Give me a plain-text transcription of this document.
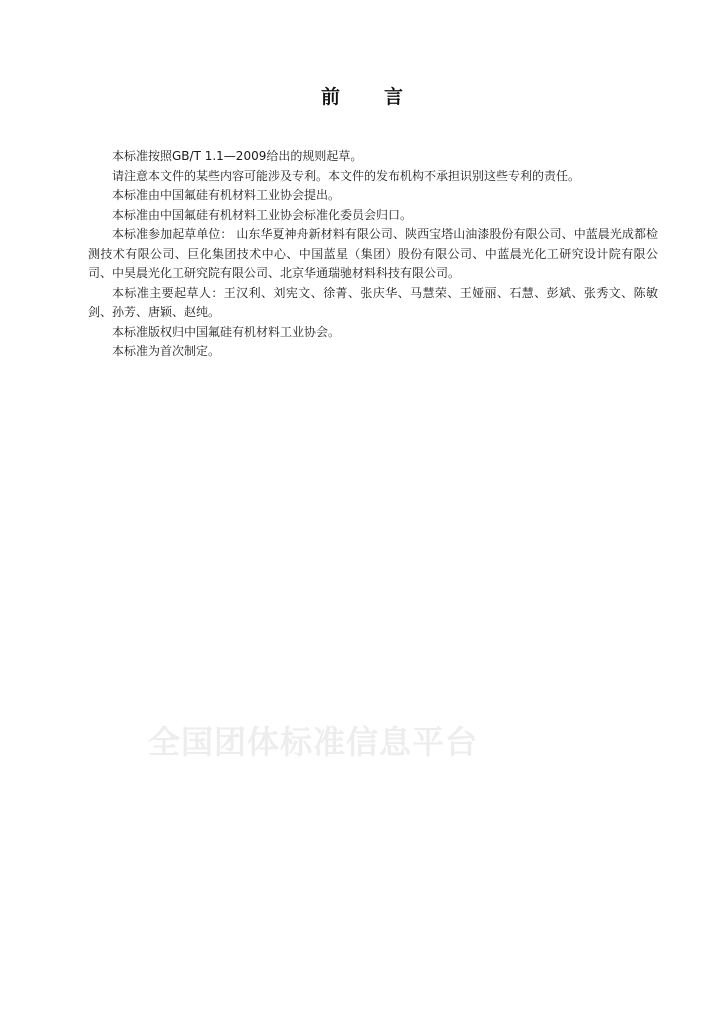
前 言

本标准按照GB/T 1.1—2009给出的规则起草。

请注意本文件的某些内容可能涉及专利。本文件的发布机构不承担识别这些专利的责任。

本标准由中国氟硅有机材料工业协会提出。

本标准由中国氟硅有机材料工业协会标准化委员会归口。

本标准参加起草单位： 山东华夏神舟新材料有限公司、陕西宝塔山油漆股份有限公司、中蓝晨光成都检测技术有限公司、巨化集团技术中心、中国蓝星（集团）股份有限公司、中蓝晨光化工研究设计院有限公司、中昊晨光化工研究院有限公司、北京华通瑞驰材料科技有限公司。

本标准主要起草人：王汉利、刘宪文、徐菁、张庆华、马慧荣、王娅丽、石慧、彭斌、张秀文、陈敏剑、孙芳、唐颖、赵纯。

本标准版权归中国氟硅有机材料工业协会。

本标准为首次制定。

全国团体标准信息平台
